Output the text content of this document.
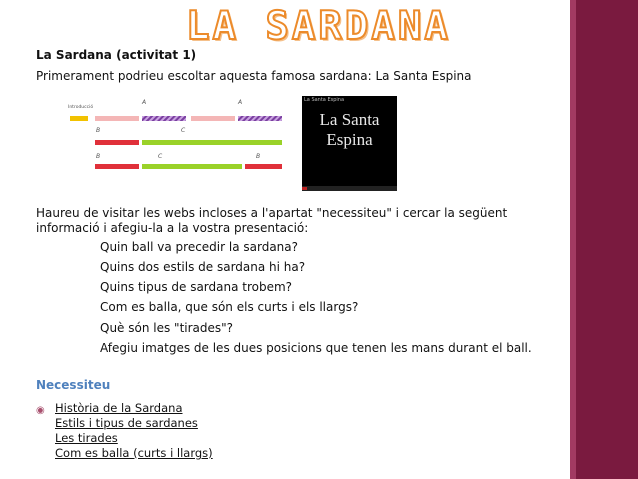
LA SARDANA
La Sardana (activitat 1)
Primerament podrieu escoltar aquesta famosa sardana: La Santa Espina
Introducció
A	A
B	C
B	C	B
La Santa Espina
La Santa
Espina
Haureu de visitar les webs incloses a l'apartat "necessiteu" i cercar la següent
informació i afegiu-la a la vostra presentació:
Quin ball va precedir la sardana?
Quins dos estils de sardana hi ha?
Quins tipus de sardana trobem?
Com es balla, que són els curts i els llargs?
Què són les "tirades"?
Afegiu imatges de les dues posicions que tenen les mans durant el ball.
Necessiteu
◉ Història de la Sardana
Estils i tipus de sardanes
Les tirades
Com es balla (curts i llargs)
